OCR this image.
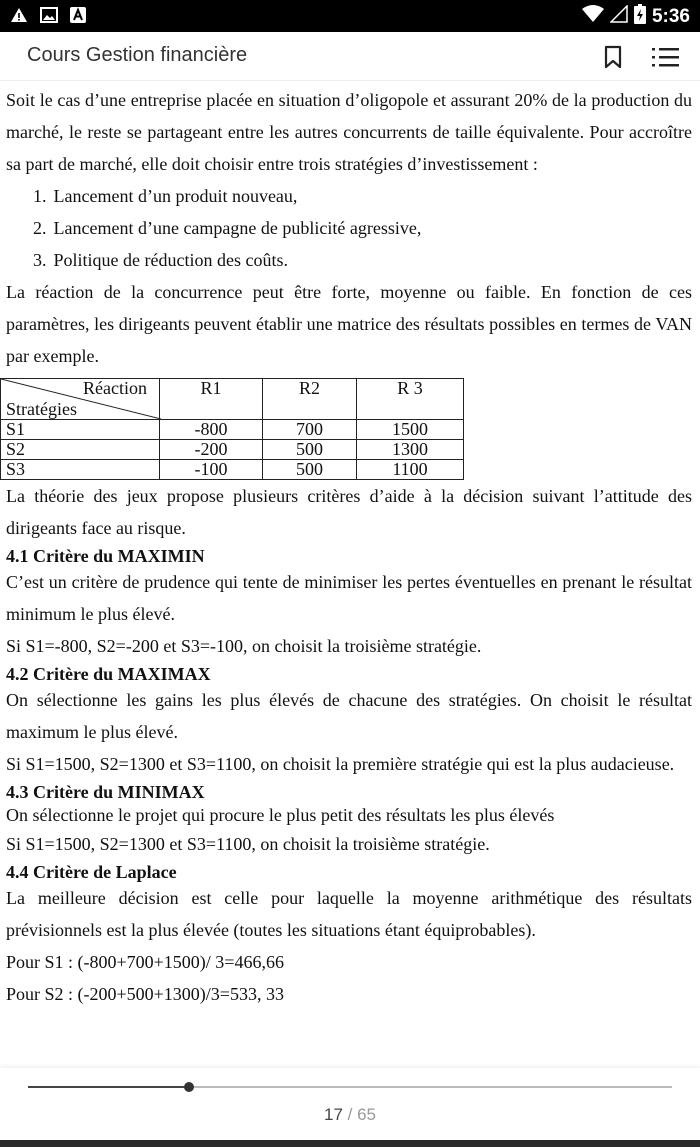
5:36
Cours Gestion financière

Soit le cas d’une entreprise placée en situation d’oligopole et assurant 20% de la production du marché, le reste se partageant entre les autres concurrents de taille équivalente. Pour accroître sa part de marché, elle doit choisir entre trois stratégies d’investissement :

1. Lancement d’un produit nouveau,
2. Lancement d’une campagne de publicité agressive,
3. Politique de réduction des coûts.

La réaction de la concurrence peut être forte, moyenne ou faible. En fonction de ces paramètres, les dirigeants peuvent établir une matrice des résultats possibles en termes de VAN par exemple.

Réaction
Stratégies	R1	R2	R 3
S1	-800	700	1500
S2	-200	500	1300
S3	-100	500	1100

La théorie des jeux propose plusieurs critères d’aide à la décision suivant l’attitude des dirigeants face au risque.

4.1 Critère du MAXIMIN

C’est un critère de prudence qui tente de minimiser les pertes éventuelles en prenant le résultat minimum le plus élevé.

Si S1=-800, S2=-200 et S3=-100, on choisit la troisième stratégie.

4.2 Critère du MAXIMAX

On sélectionne les gains les plus élevés de chacune des stratégies. On choisit le résultat maximum le plus élevé.

Si S1=1500, S2=1300 et S3=1100, on choisit la première stratégie qui est la plus audacieuse.

4.3 Critère du MINIMAX

On sélectionne le projet qui procure le plus petit des résultats les plus élevés

Si S1=1500, S2=1300 et S3=1100, on choisit la troisième stratégie.

4.4 Critère de Laplace

La meilleure décision est celle pour laquelle la moyenne arithmétique des résultats prévisionnels est la plus élevée (toutes les situations étant équiprobables).

Pour S1 : (-800+700+1500)/ 3=466,66

Pour S2 : (-200+500+1300)/3=533, 33

17 / 65
